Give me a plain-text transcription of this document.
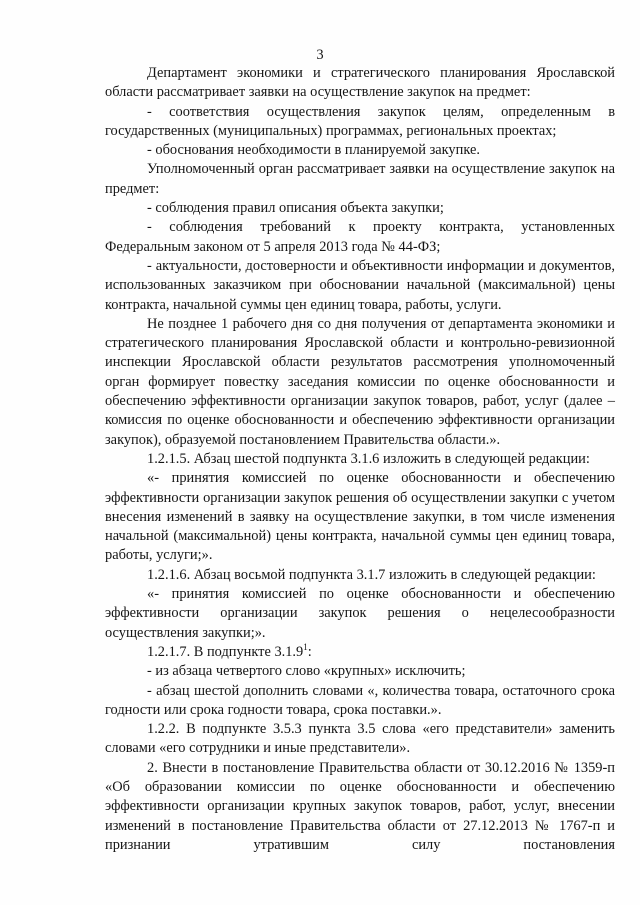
3

Департамент экономики и стратегического планирования Ярославской области рассматривает заявки на осуществление закупок на предмет:

- соответствия осуществления закупок целям, определенным в государственных (муниципальных) программах, региональных проектах;

- обоснования необходимости в планируемой закупке.

Уполномоченный орган рассматривает заявки на осуществление закупок на предмет:

- соблюдения правил описания объекта закупки;

- соблюдения требований к проекту контракта, установленных Федеральным законом от 5 апреля 2013 года № 44-ФЗ;

- актуальности, достоверности и объективности информации и документов, использованных заказчиком при обосновании начальной (максимальной) цены контракта, начальной суммы цен единиц товара, работы, услуги.

Не позднее 1 рабочего дня со дня получения от департамента экономики и стратегического планирования Ярославской области и контрольно-ревизионной инспекции Ярославской области результатов рассмотрения уполномоченный орган формирует повестку заседания комиссии по оценке обоснованности и обеспечению эффективности организации закупок товаров, работ, услуг (далее – комиссия по оценке обоснованности и обеспечению эффективности организации закупок), образуемой постановлением Правительства области.».

1.2.1.5. Абзац шестой подпункта 3.1.6 изложить в следующей редакции:

«- принятия комиссией по оценке обоснованности и обеспечению эффективности организации закупок решения об осуществлении закупки с учетом внесения изменений в заявку на осуществление закупки, в том числе изменения начальной (максимальной) цены контракта, начальной суммы цен единиц товара, работы, услуги;».

1.2.1.6. Абзац восьмой подпункта 3.1.7 изложить в следующей редакции:

«- принятия комиссией по оценке обоснованности и обеспечению эффективности организации закупок решения о нецелесообразности осуществления закупки;».

1.2.1.7. В подпункте 3.1.9$^1$:

- из абзаца четвертого слово «крупных» исключить;

- абзац шестой дополнить словами «, количества товара, остаточного срока годности или срока годности товара, срока поставки.».

1.2.2. В подпункте 3.5.3 пункта 3.5 слова «его представители» заменить словами «его сотрудники и иные представители».

2. Внести в постановление Правительства области от 30.12.2016 № 1359-п «Об образовании комиссии по оценке обоснованности и обеспечению эффективности организации крупных закупок товаров, работ, услуг, внесении изменений в постановление Правительства области от 27.12.2013 № 1767-п и признании утратившим силу постановления
